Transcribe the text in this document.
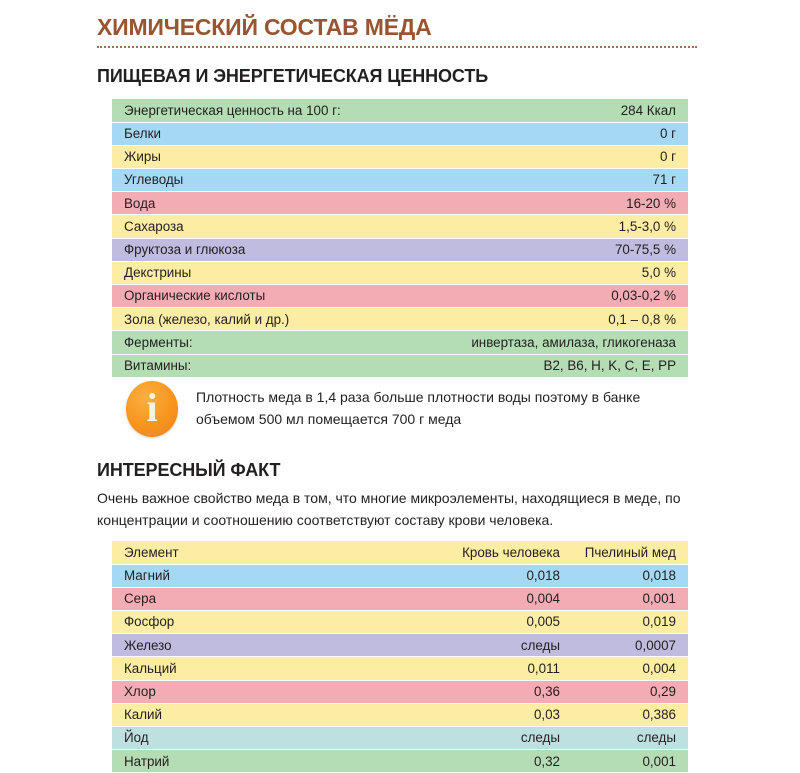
ХИМИЧЕСКИЙ СОСТАВ МЁДА
ПИЩЕВАЯ И ЭНЕРГЕТИЧЕСКАЯ ЦЕННОСТЬ
Энергетическая ценность на 100 г:	284 Ккал
Белки	0 г
Жиры	0 г
Углеводы	71 г
Вода	16-20 %
Сахароза	1,5-3,0 %
Фруктоза и глюкоза	70-75,5 %
Декстрины	5,0 %
Органические кислоты	0,03-0,2 %
Зола (железо, калий и др.)	0,1 – 0,8 %
Ферменты:	инвертаза, амилаза, гликогеназа
Витамины:	B2, B6, H, K, C, E, PP
i	Плотность меда в 1,4 раза больше плотности воды поэтому в банке объемом 500 мл помещается 700 г меда

ИНТЕРЕСНЫЙ ФАКТ

Очень важное свойство меда в том, что многие микроэлементы, находящиеся в меде, по концентрации и соотношению соответствуют составу крови человека.

Элемент	Кровь человека	Пчелиный мед
Магний	0,018	0,018
Сера	0,004	0,001
Фосфор	0,005	0,019
Железо	следы	0,0007
Кальций	0,011	0,004
Хлор	0,36	0,29
Калий	0,03	0,386
Йод	следы	следы
Натрий	0,32	0,001
